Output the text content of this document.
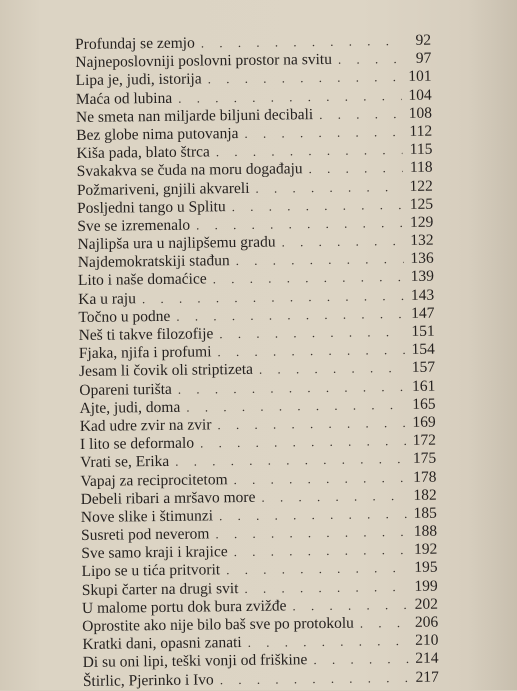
Profundaj se zemjo . . .	92
Najneposlovniji poslovni prostor na svitu . . .	97
Lipa je, judi, istorija . . .	101
Maća od lubina . . .	104
Ne smeta nan miljarde biljuni decibali . . .	108
Bez globe nima putovanja . . .	112
Kiša pada, blato štrca . . .	115
Svakakva se čuda na moru događaju . . .	118
Požmariveni, gnjili akvareli . . .	122
Posljedni tango u Splitu . . .	125
Sve se izremenalo . . .	129
Najlipša ura u najlipšemu gradu . . .	132
Najdemokratskiji stađun . . .	136
Lito i naše domaćice . . .	139
Ka u raju . . .	143
Točno u podne . . .	147
Neš ti takve filozofije . . .	151
Fjaka, njifa i profumi . . .	154
Jesam li čovik oli striptizeta . . .	157
Opareni turišta . . .	161
Ajte, judi, doma . . .	165
Kad udre zvir na zvir . . .	169
I lito se deformalo . . .	172
Vrati se, Erika . . .	175
Vapaj za reciprocitetom . . .	178
Debeli ribari a mršavo more . . .	182
Nove slike i štimunzi . . .	185
Susreti pod neverom . . .	188
Sve samo kraji i krajice . . .	192
Lipo se u tića pritvorit . . .	195
Skupi čarter na drugi svit . . .	199
U malome portu dok bura zvižđe . . .	202
Oprostite ako nije bilo baš sve po protokolu . . .	206
Kratki dani, opasni zanati . . .	210
Di su oni lipi, teški vonji od friškine . . .	214
Štirlic, Pjerinko i Ivo . . .	217
